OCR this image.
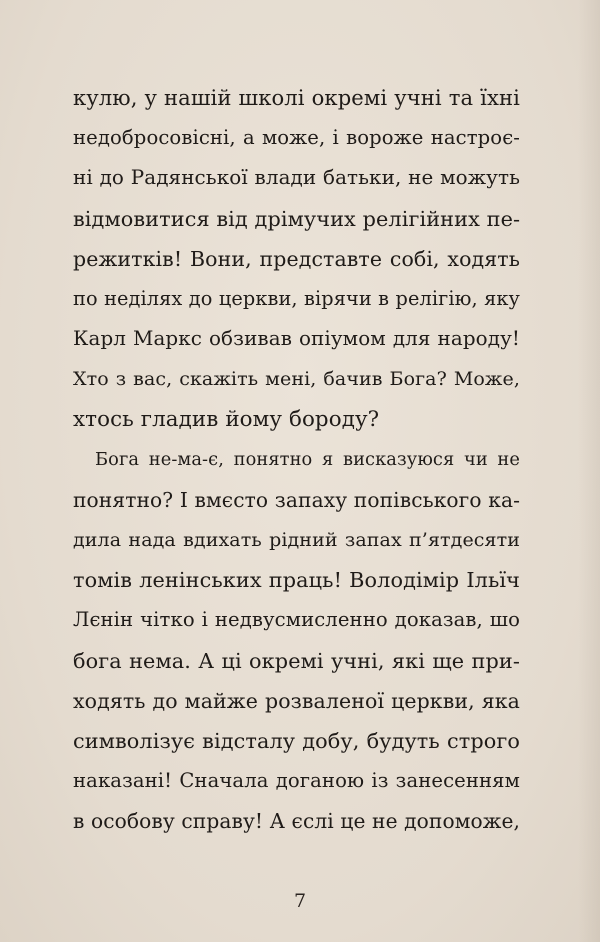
кулю, у нашій школі окремі учні та їхні
недобросовісні, а може, і вороже настроє-
ні до Радянської влади батьки, не можуть
відмовитися від дрімучих релігійних пе-
режитків! Вони, представте собі, ходять
по неділях до церкви, вірячи в релігію, яку
Карл Маркс обзивав опіумом для народу!
Хто з вас, скажіть мені, бачив Бога? Може,
хтось гладив йому бороду?
Бога не-ма-є, понятно я висказуюся чи не
понятно? І вмєсто запаху попівського ка-
дила нада вдихать рідний запах п’ятдесяти
томів ленінських праць! Володімір Ільїч
Лєнін чітко і недвусмисленно доказав, шо
бога нема. А ці окремі учні, які ще при-
ходять до майже розваленої церкви, яка
символізує відсталу добу, будуть строго
наказані! Сначала доганою із занесенням
в особову справу! А єслі це не допоможе,
7
